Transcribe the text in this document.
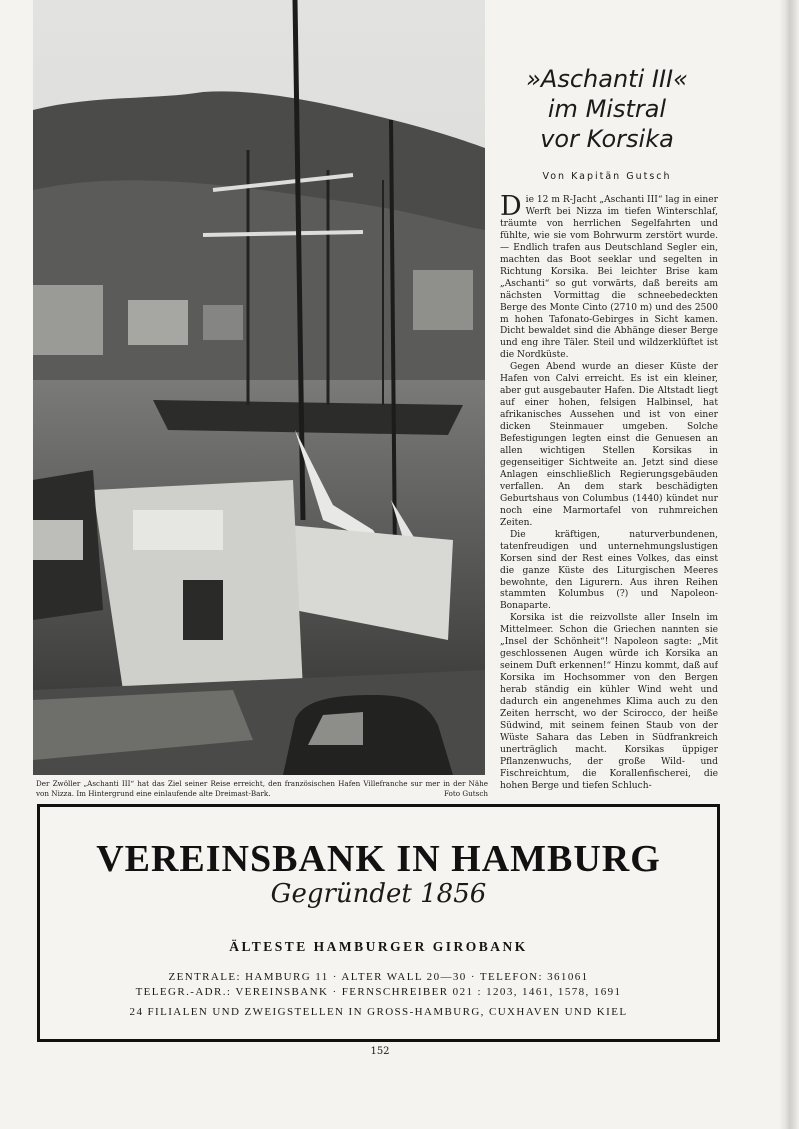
Der Zwöller „Aschanti III“ hat das Ziel seiner Reise erreicht, den französischen Hafen Villefranche sur mer in der Nähe von Nizza. Im Hintergrund eine einlaufende alte Dreimast-Bark.	Foto Gutsch
»Aschanti III«
im Mistral
vor Korsika
Von Kapitän Gutsch

Die 12 m R-Jacht „Aschanti III“ lag in einer Werft bei Nizza im tiefen Winterschlaf, träumte von herrlichen Segelfahrten und fühlte, wie sie vom Bohrwurm zerstört wurde. — Endlich trafen aus Deutschland Segler ein, machten das Boot seeklar und segelten in Richtung Korsika. Bei leichter Brise kam „Aschanti“ so gut vorwärts, daß bereits am nächsten Vormittag die schneebedeckten Berge des Monte Cinto (2710 m) und des 2500 m hohen Tafonato-Gebirges in Sicht kamen. Dicht bewaldet sind die Abhänge dieser Berge und eng ihre Täler. Steil und wildzerklüftet ist die Nordküste.

Gegen Abend wurde an dieser Küste der Hafen von Calvi erreicht. Es ist ein kleiner, aber gut ausgebauter Hafen. Die Altstadt liegt auf einer hohen, felsigen Halbinsel, hat afrikanisches Aussehen und ist von einer dicken Steinmauer umgeben. Solche Befestigungen legten einst die Genuesen an allen wichtigen Stellen Korsikas in gegenseitiger Sichtweite an. Jetzt sind diese Anlagen einschließlich Regierungsgebäuden verfallen. An dem stark beschädigten Geburtshaus von Columbus (1440) kündet nur noch eine Marmortafel von ruhmreichen Zeiten.

Die kräftigen, naturverbundenen, tatenfreudigen und unternehmungslustigen Korsen sind der Rest eines Volkes, das einst die ganze Küste des Liturgischen Meeres bewohnte, den Ligurern. Aus ihren Reihen stammten Kolumbus (?) und Napoleon-Bonaparte.

Korsika ist die reizvollste aller Inseln im Mittelmeer. Schon die Griechen nannten sie „Insel der Schönheit“! Napoleon sagte: „Mit geschlossenen Augen würde ich Korsika an seinem Duft erkennen!“ Hinzu kommt, daß auf Korsika im Hochsommer von den Bergen herab ständig ein kühler Wind weht und dadurch ein angenehmes Klima auch zu den Zeiten herrscht, wo der Scirocco, der heiße Südwind, mit seinem feinen Staub von der Wüste Sahara das Leben in Südfrankreich unerträglich macht. Korsikas üppiger Pflanzenwuchs, der große Wild- und Fischreichtum, die Korallenfischerei, die hohen Berge und tiefen Schluch-

VEREINSBANK IN HAMBURG
Gegründet 1856
ÄLTESTE HAMBURGER GIROBANK
ZENTRALE: HAMBURG 11 · ALTER WALL 20—30 · TELEFON: 361061
TELEGR.-ADR.: VEREINSBANK · FERNSCHREIBER 021 : 1203, 1461, 1578, 1691
24 FILIALEN UND ZWEIGSTELLEN IN GROSS-HAMBURG, CUXHAVEN UND KIEL
152
